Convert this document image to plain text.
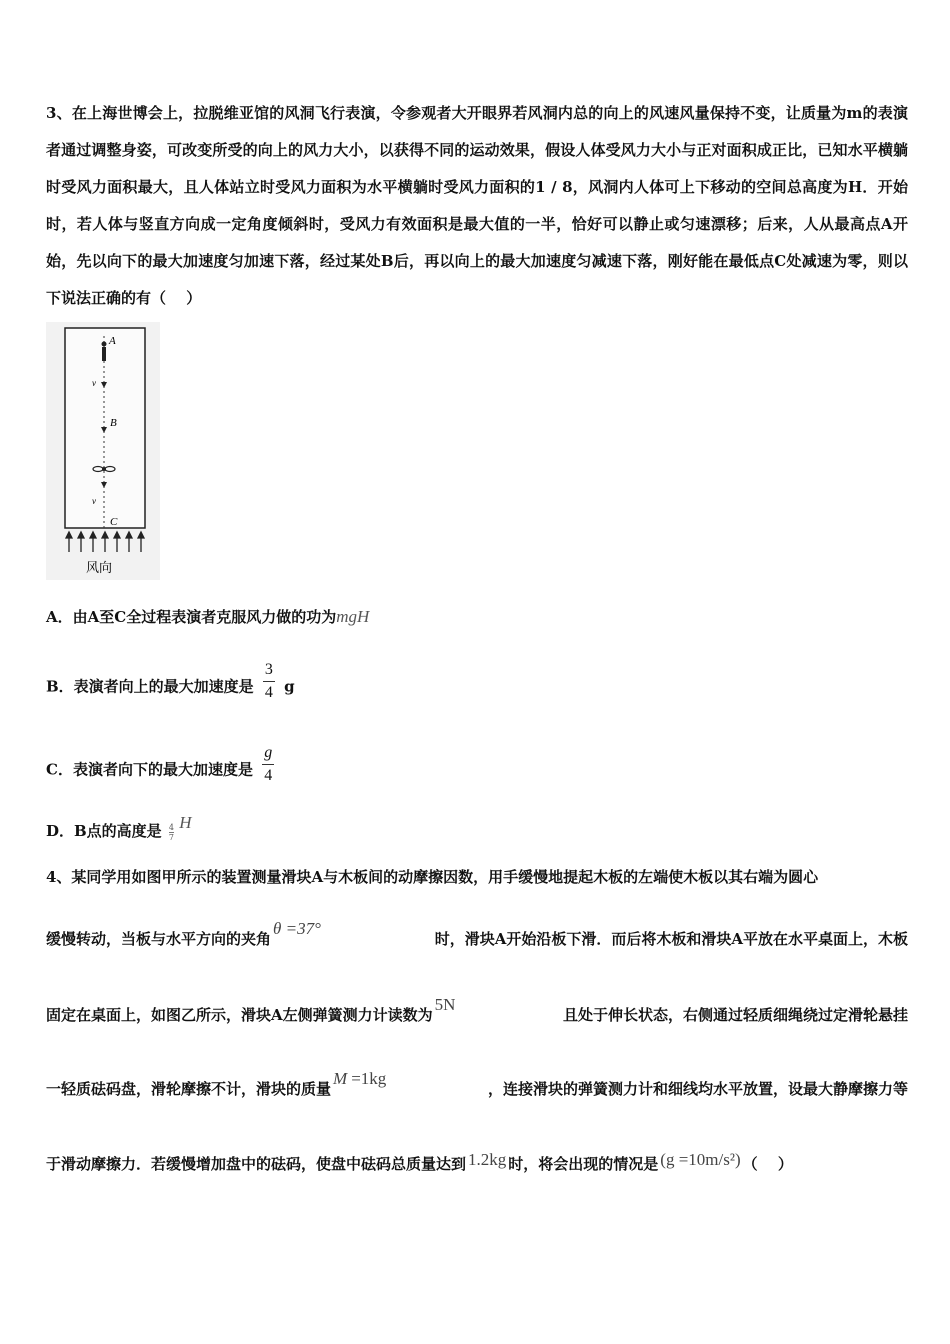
3、在上海世博会上，拉脱维亚馆的风洞飞行表演，令参观者大开眼界若风洞内总的向上的风速风量保持不变，让质量为m的表演者通过调整身姿，可改变所受的向上的风力大小，以获得不同的运动效果，假设人体受风力大小与正对面积成正比，已知水平横躺时受风力面积最大，且人体站立时受风力面积为水平横躺时受风力面积的1 / 8，风洞内人体可上下移动的空间总高度为H．开始时，若人体与竖直方向成一定角度倾斜时，受风力有效面积是最大值的一半，恰好可以静止或匀速漂移；后来，人从最高点A开始，先以向下的最大加速度匀加速下落，经过某处B后，再以向上的最大加速度匀减速下落，刚好能在最低点C处减速为零，则以下说法正确的有（　 ）
A
B
C
v
v
风向
A．由A至C全过程表演者克服风力做的功为mgH
B．表演者向上的最大加速度是 $\frac{3}{4}$ g
C．表演者向下的最大加速度是 $\frac{g}{4}$
D．B点的高度是 $\frac{4}{7}$ H
4、某同学用如图甲所示的装置测量滑块A与木板间的动摩擦因数，用手缓慢地提起木板的左端使木板以其右端为圆心
缓慢转动，当板与水平方向的夹角θ =37°
时，滑块A开始沿板下滑．而后将木板和滑块A平放在水平桌面上，木板
固定在桌面上，如图乙所示，滑块A左侧弹簧测力计读数为5N
且处于伸长状态，右侧通过轻质细绳绕过定滑轮悬挂
一轻质砝码盘，滑轮摩擦不计，滑块的质量M =1kg
，连接滑块的弹簧测力计和细线均水平放置，设最大静摩擦力等
于滑动摩擦力．若缓慢增加盘中的砝码，使盘中砝码总质量达到 1.2kg 时，将会出现的情况是 (g =10m/s²) （　 ）
